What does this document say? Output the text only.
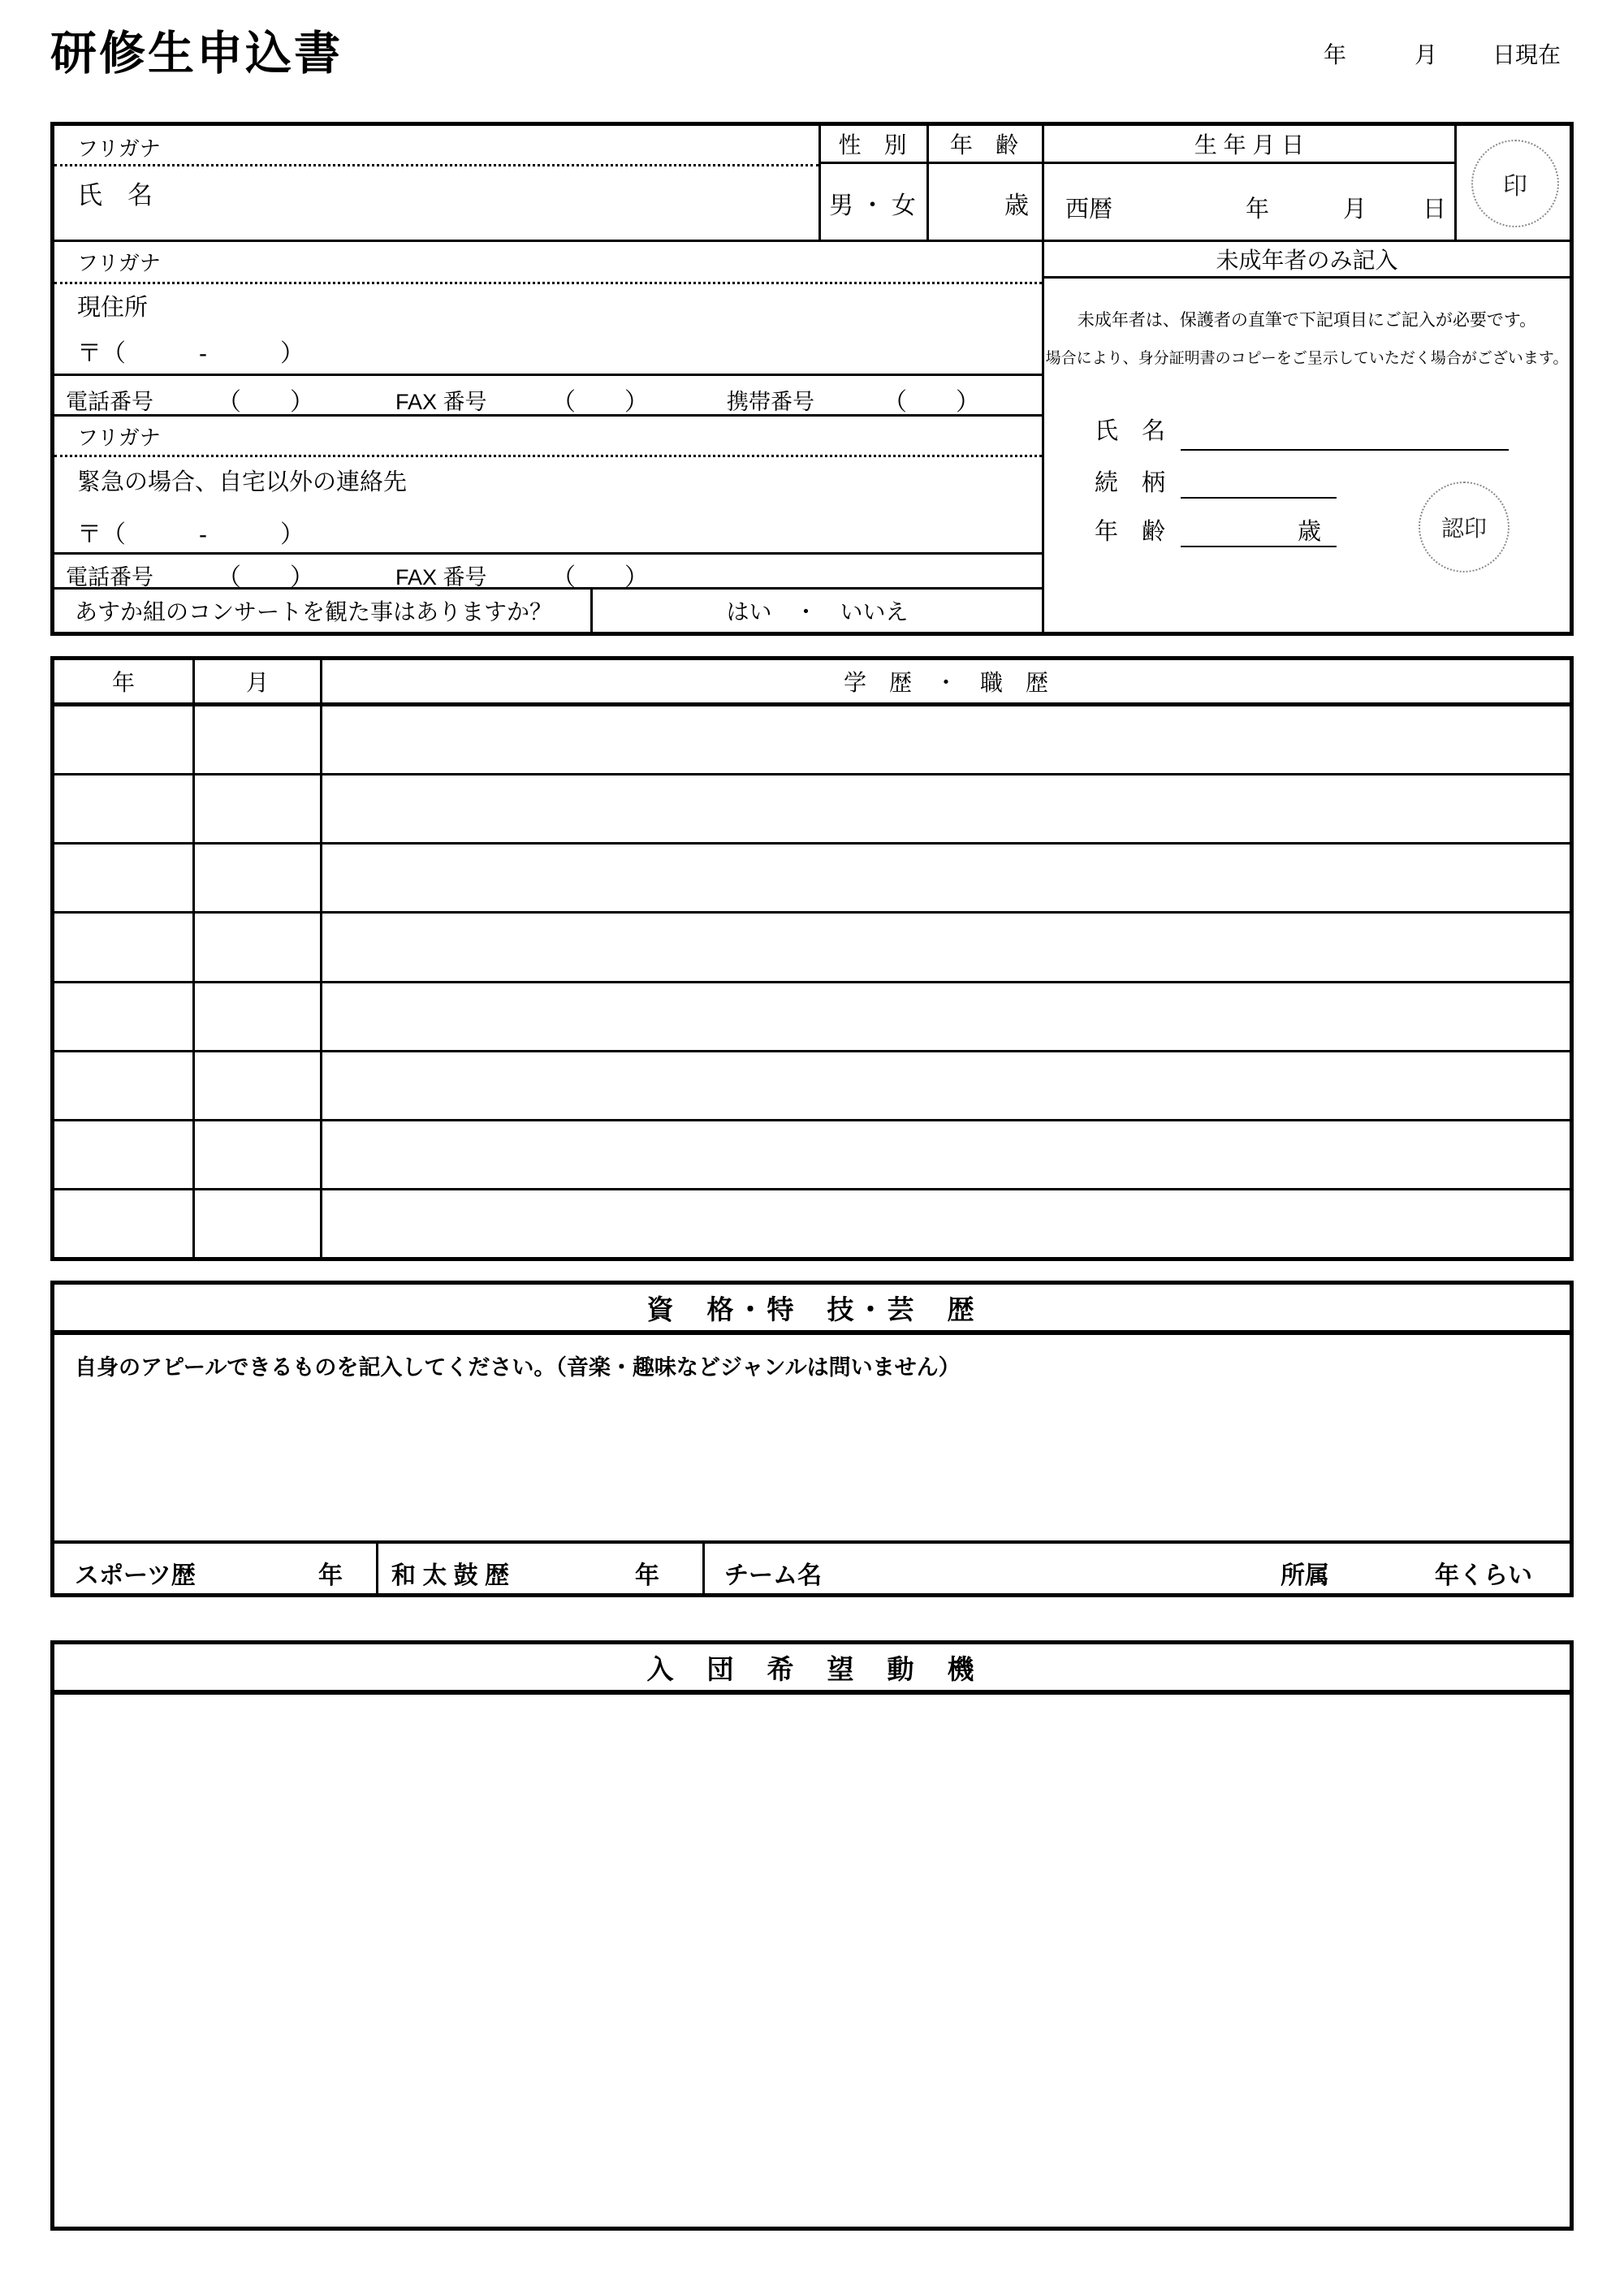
研修生申込書	年	月 日現在
フリガナ
氏　名
性　別
男 ・ 女
年　齢
歳
生 年 月 日
西暦	年	月 日
印
フリガナ
現住所
〒（　　　-　　　）
電話番号	（　　）	FAX 番号	（　　）	携帯番号	（　　）
フリガナ
緊急の場合、自宅以外の連絡先
〒（　　　-　　　）
電話番号	（　　）	FAX 番号	（　　）
あすか組のコンサートを観た事はありますか？	はい　・　いいえ
未成年者のみ記入
未成年者は、保護者の直筆で下記項目にご記入が必要です。
場合により、身分証明書のコピーをご呈示していただく場合がございます。
氏　名
続　柄
年　齢	歳	認印
年	月	学　歴　・　職　歴
資　格・特　技・芸　歴
自身のアピールできるものを記入してください。（音楽・趣味などジャンルは問いません）
スポーツ歴	年 和 太 鼓 歴	年	チーム名	所属	年くらい
入　団　希　望　動　機
